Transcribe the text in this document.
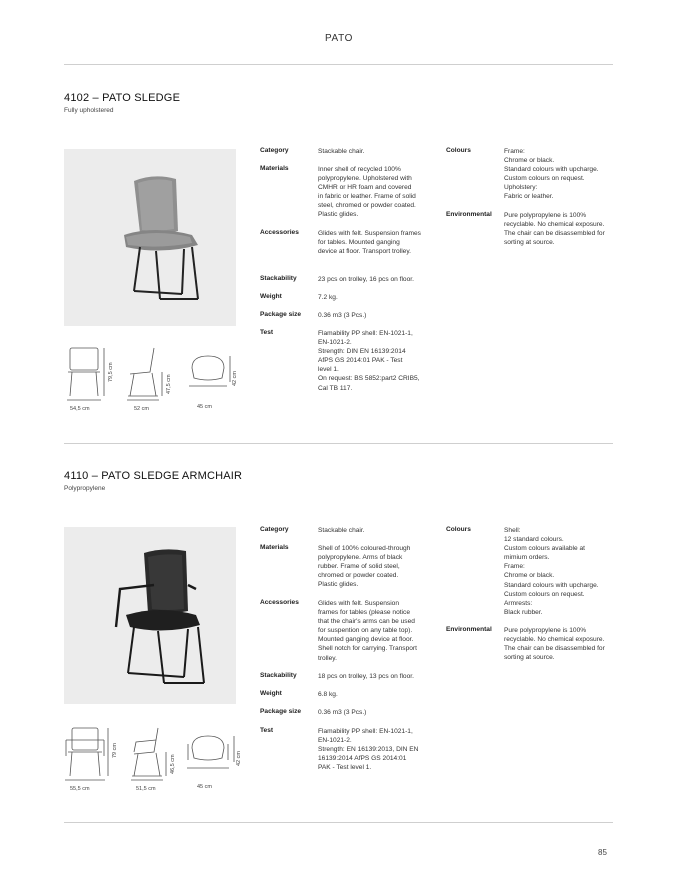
PATO
4102 – PATO SLEDGE
Fully upholstered
54,5 cm	52 cm	45 cm
79,5 cm
47,5 cm	42 cm
Category	Stackable chair.
Materials	Inner shell of recycled 100%
polypropylene. Upholstered with
CMHR or HR foam and covered
in fabric or leather. Frame of solid
steel, chromed or powder coated.
Plastic glides.
Accessories	Glides with felt. Suspension frames
for tables. Mounted ganging
device at floor. Transport trolley.
Stackability	23 pcs on trolley, 16 pcs on floor.
Weight	7.2 kg.
Package size	0.36 m3 (3 Pcs.)
Test	Flamability PP shell: EN-1021-1,
EN-1021-2.
Strength: DIN EN 16139:2014
AfPS GS 2014:01 PAK - Test
level 1.
On request: BS 5852:part2 CRIB5,
Cal TB 117.
Colours	Frame:
Chrome or black.
Standard colours with upcharge.
Custom colours on request.
Upholstery:
Fabric or leather.
Environmental Pure polypropylene is 100%
recyclable. No chemical exposure.
The chair can be disassembled for
sorting at source.
4110 – PATO SLEDGE ARMCHAIR
Polypropylene
55,5 cm	51,5 cm	45 cm
79 cm
46,5 cm	42 cm
Category	Stackable chair.
Materials	Shell of 100% coloured-through
polypropylene. Arms of black
rubber. Frame of solid steel,
chromed or powder coated.
Plastic glides.
Accessories	Glides with felt. Suspension
frames for tables (please notice
that the chair's arms can be used
for suspention on any table top).
Mounted ganging device at floor.
Shell notch for carrying. Transport
trolley.
Stackability	18 pcs on trolley, 13 pcs on floor.
Weight	6.8 kg.
Package size	0.36 m3 (3 Pcs.)
Test	Flamability PP shell: EN-1021-1,
EN-1021-2.
Strength: EN 16139:2013, DIN EN
16139:2014 AfPS GS 2014:01
PAK - Test level 1.
Colours	Shell:
12 standard colours.
Custom colours available at
mimium orders.
Frame:
Chrome or black.
Standard colours with upcharge.
Custom colours on request.
Armrests:
Black rubber.
Environmental Pure polypropylene is 100%
recyclable. No chemical exposure.
The chair can be disassembled for
sorting at source.
85
